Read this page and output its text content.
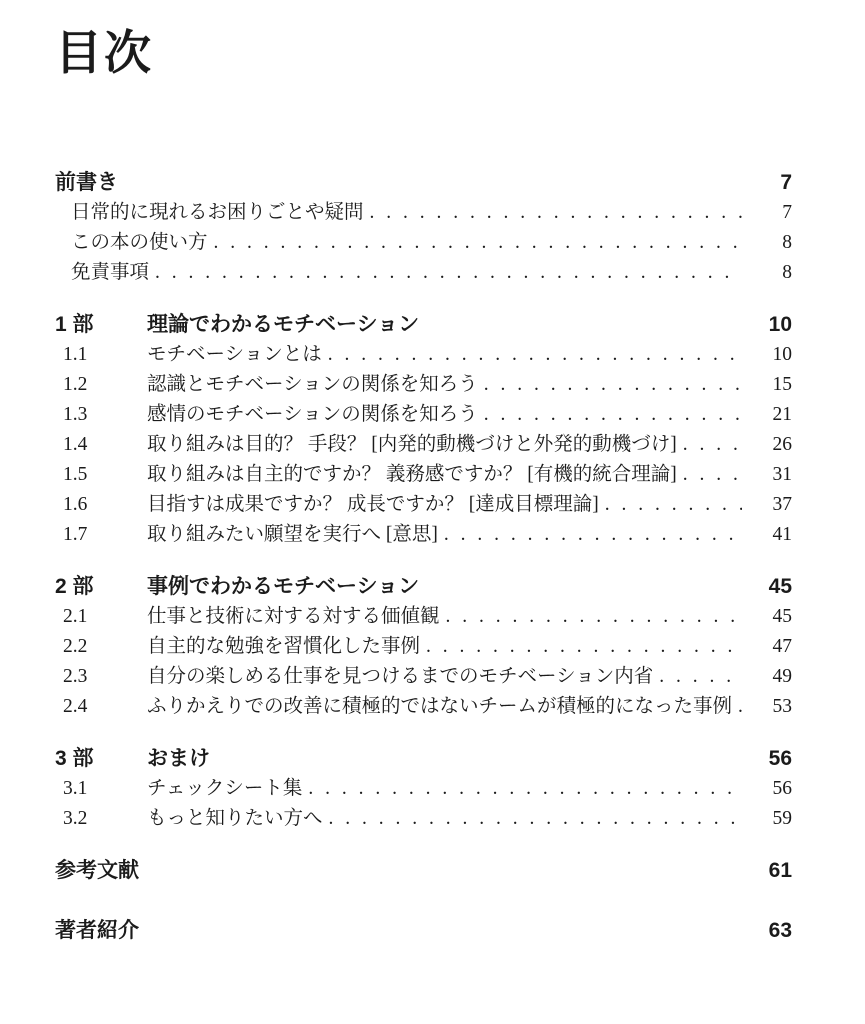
目次
前書き	7
日常的に現れるお困りごとや疑問 . . .	7
この本の使い方 . . .	8
免責事項 . . .	8
1 部	理論でわかるモチベーション	10
1.1	モチベーションとは . . .	10
1.2	認識とモチベーションの関係を知ろう . . .	15
1.3	感情のモチベーションの関係を知ろう . . .	21
1.4	取り組みは目的？ 手段？ [内発的動機づけと外発的動機づけ] . . .	26
1.5	取り組みは自主的ですか？ 義務感ですか？ [有機的統合理論] . . .	31
1.6	目指すは成果ですか？ 成長ですか？ [達成目標理論] . . .	37
1.7	取り組みたい願望を実行へ [意思] . . .	41
2 部	事例でわかるモチベーション	45
2.1	仕事と技術に対する対する価値観 . . .	45
2.2	自主的な勉強を習慣化した事例 . . .	47
2.3	自分の楽しめる仕事を見つけるまでのモチベーション内省 . . .	49
2.4	ふりかえりでの改善に積極的ではないチームが積極的になった事例 . . .	53
3 部	おまけ	56
3.1	チェックシート集 . . .	56
3.2	もっと知りたい方へ . . .	59
参考文献	61
著者紹介	63
